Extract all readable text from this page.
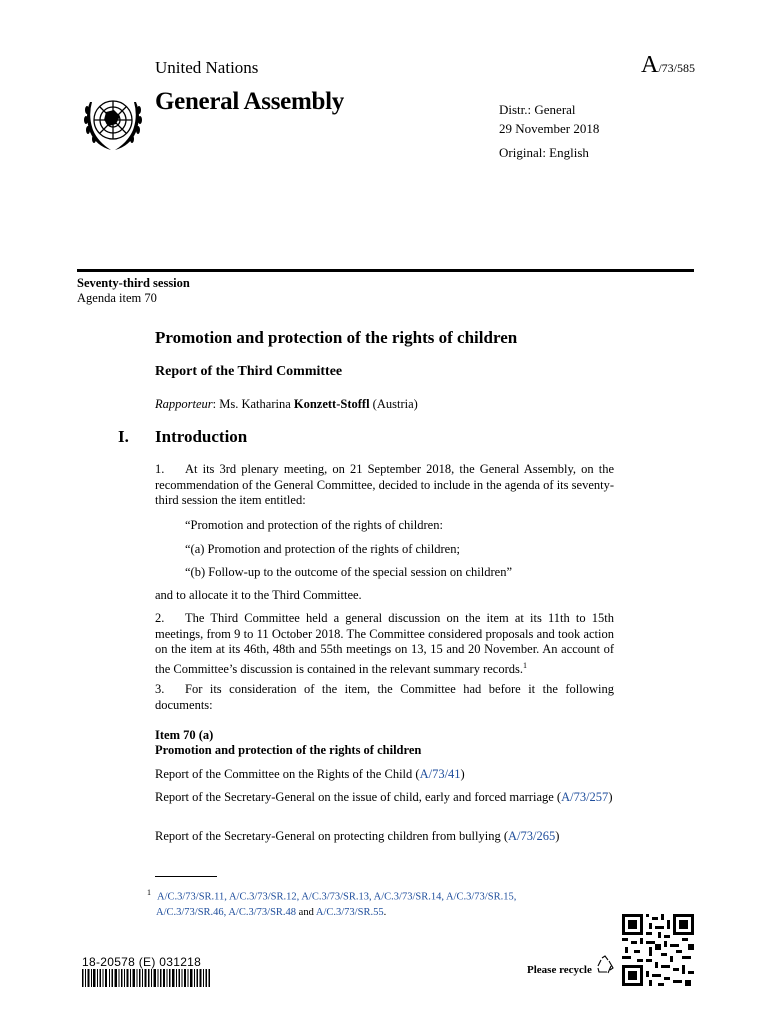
United Nations	A/73/585
General Assembly	Distr.: General
29 November 2018
Original: English
Seventy-third session
Agenda item 70
Promotion and protection of the rights of children
Report of the Third Committee
Rapporteur: Ms. Katharina Konzett-Stoffl (Austria)
I. Introduction
1. At its 3rd plenary meeting, on 21 September 2018, the General Assembly, on the recommendation of the General Committee, decided to include in the agenda of its seventy-third session the item entitled:
“Promotion and protection of the rights of children:
“(a) Promotion and protection of the rights of children;
“(b) Follow-up to the outcome of the special session on children”
and to allocate it to the Third Committee.
2. The Third Committee held a general discussion on the item at its 11th to 15th meetings, from 9 to 11 October 2018. The Committee considered proposals and took action on the item at its 46th, 48th and 55th meetings on 13, 15 and 20 November. An account of the Committee’s discussion is contained in the relevant summary records.$^1$
3. For its consideration of the item, the Committee had before it the following documents:
Item 70 (a)
Promotion and protection of the rights of children
Report of the Committee on the Rights of the Child (A/73/41)
Report of the Secretary-General on the issue of child, early and forced marriage (A/73/257)
Report of the Secretary-General on protecting children from bullying (A/73/265)
$^1$ A/C.3/73/SR.11, A/C.3/73/SR.12, A/C.3/73/SR.13, A/C.3/73/SR.14, A/C.3/73/SR.15,
A/C.3/73/SR.46, A/C.3/73/SR.48 and A/C.3/73/SR.55.
18-20578 (E) 031218
Please recycle
